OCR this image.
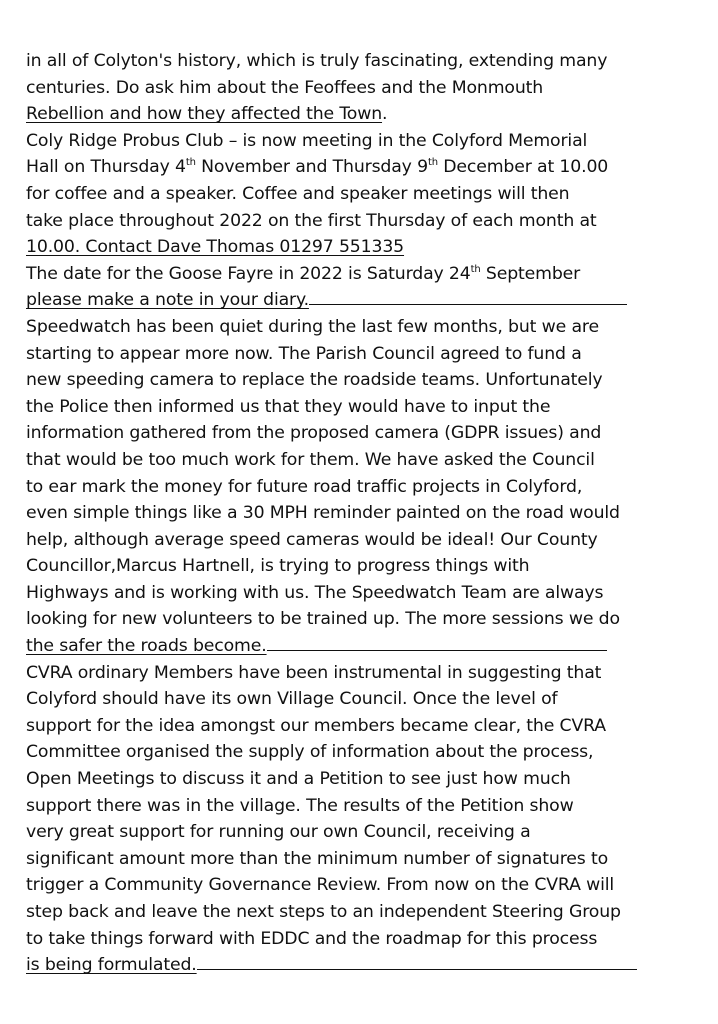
in all of Colyton's history, which is truly fascinating, extending many
centuries. Do ask him about the Feoffees and the Monmouth
Rebellion and how they affected the Town.
Coly Ridge Probus Club – is now meeting in the Colyford Memorial
Hall on Thursday 4th November and Thursday 9th December at 10.00
for coffee and a speaker. Coffee and speaker meetings will then
take place throughout 2022 on the first Thursday of each month at
10.00. Contact Dave Thomas 01297 551335
The date for the Goose Fayre in 2022 is Saturday 24th September
please make a note in your diary.
Speedwatch has been quiet during the last few months, but we are
starting to appear more now. The Parish Council agreed to fund a
new speeding camera to replace the roadside teams. Unfortunately
the Police then informed us that they would have to input the
information gathered from the proposed camera (GDPR issues) and
that would be too much work for them. We have asked the Council
to ear mark the money for future road traffic projects in Colyford,
even simple things like a 30 MPH reminder painted on the road would
help, although average speed cameras would be ideal! Our County
Councillor,Marcus Hartnell, is trying to progress things with
Highways and is working with us. The Speedwatch Team are always
looking for new volunteers to be trained up. The more sessions we do
the safer the roads become.
CVRA ordinary Members have been instrumental in suggesting that
Colyford should have its own Village Council. Once the level of
support for the idea amongst our members became clear, the CVRA
Committee organised the supply of information about the process,
Open Meetings to discuss it and a Petition to see just how much
support there was in the village. The results of the Petition show
very great support for running our own Council, receiving a
significant amount more than the minimum number of signatures to
trigger a Community Governance Review. From now on the CVRA will
step back and leave the next steps to an independent Steering Group
to take things forward with EDDC and the roadmap for this process
is being formulated.
